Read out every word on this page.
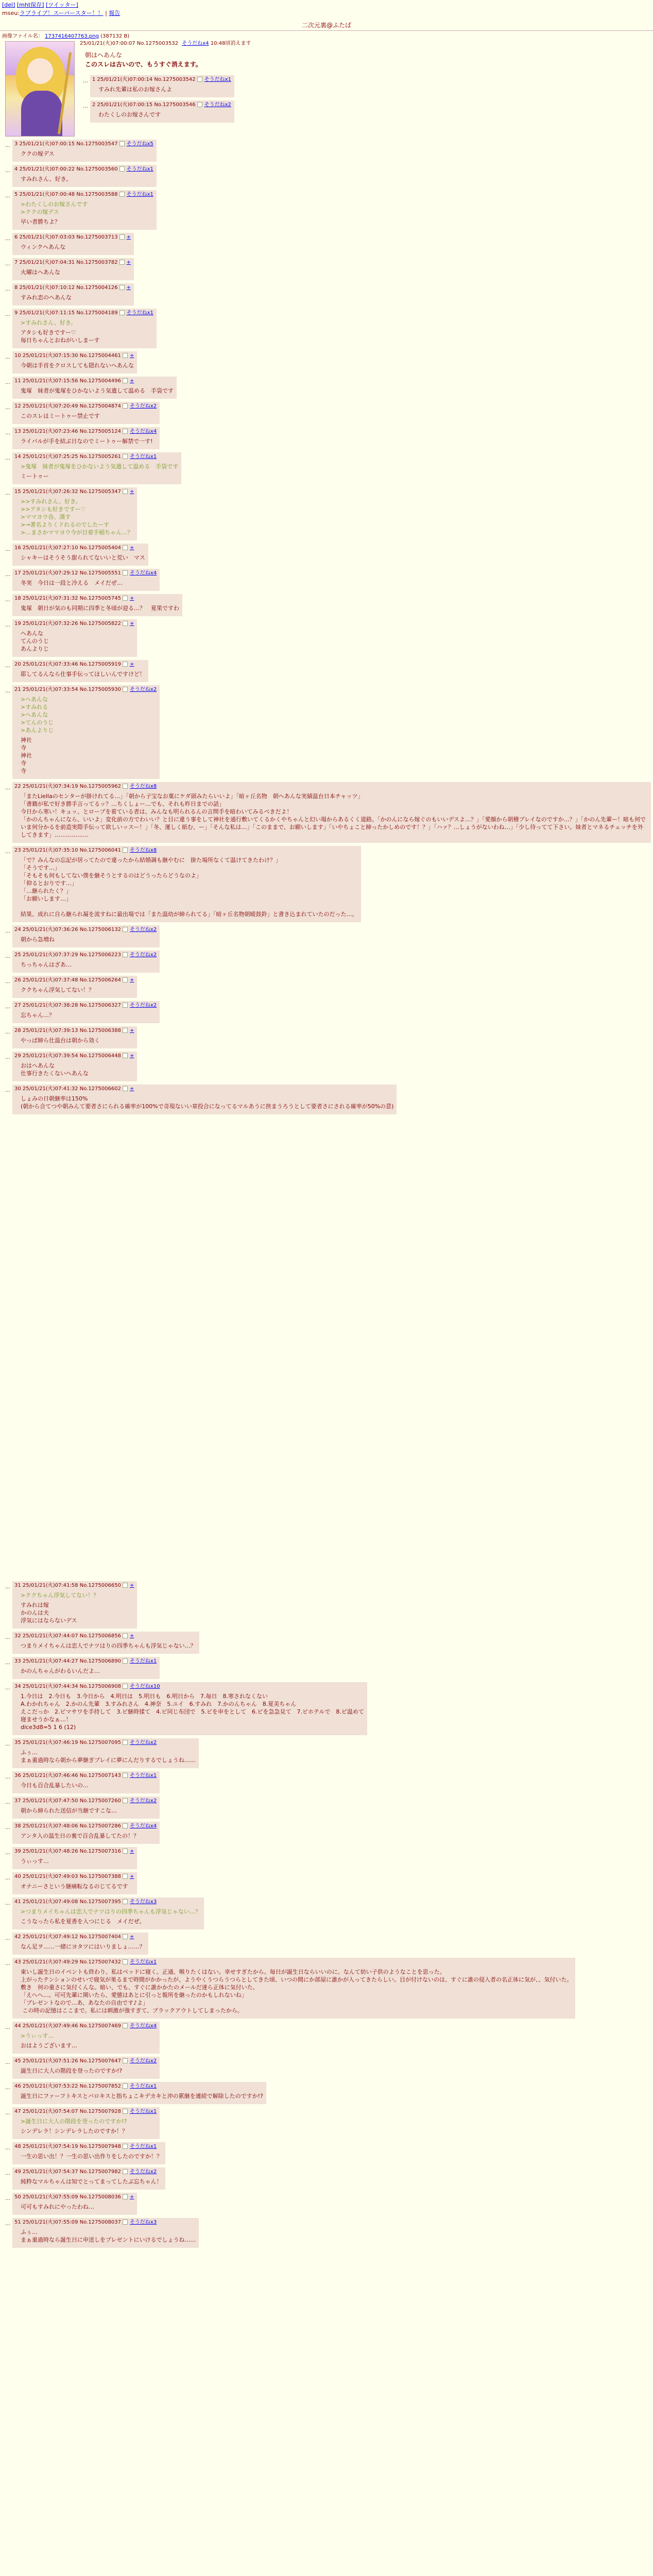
[del] [mht保存] [ツイッター]
mseu:ラブライブ！スーパースター！！ | 報告
二次元裏@ふたば
画像ファイル名： 1737416407763.png (387132 B)
25/01/21(火)07:00:07 No.1275003532 そうだねx4 10:48頃消えます
朝はヘあんな
このスレは古いので、もうすぐ消えます。
… 1 25/01/21(火)07:00:14 No.1275003542 そうだねx1
すみれ先輩は私のお嫁さんよ
… 2 25/01/21(火)07:00:15 No.1275003546 そうだねx2
わたくしのお嫁さんです
… 3 25/01/21(火)07:00:15 No.1275003547 そうだねx5
ククの嫁デス
… 4 25/01/21(火)07:00:22 No.1275003560 そうだねx1
すみれさん、好き。
… 5 25/01/21(火)07:00:48 No.1275003588 そうだねx1
>わたくしのお嫁さんです
>ククの嫁デス
早い者勝ちよ？
… 6 25/01/21(火)07:03:03 No.1275003713 +
ウィンクヘあんな
… 7 25/01/21(火)07:04:31 No.1275003782 +
火曜はヘあんな
… 8 25/01/21(火)07:10:12 No.1275004126 +
すみれ恋のヘあんな
… 9 25/01/21(火)07:11:15 No.1275004189 そうだねx1
>すみれさん、好き。
アタシも好きですー♡
毎日ちゃんとおねがいしまーす
… 10 25/01/21(火)07:15:30 No.1275004461 +
今朝は手首をクロスしても隠れないヘあんな
… 11 25/01/21(火)07:15:56 No.1275004496 +
鬼塚　妹者が鬼塚をひかないよう気遣して温める　手袋です
… 12 25/01/21(火)07:20:49 No.1275004874 そうだねx2
このスレはミートゥー禁止です
… 13 25/01/21(火)07:23:46 No.1275005124 そうだねx4
ライバルが手を結ぶ日なのでミートゥー解禁で一す!
… 14 25/01/21(火)07:25:25 No.1275005261 そうだねx1
>鬼塚　妹者が鬼塚をひかないよう気遣して温める　手袋です
ミートゥー
… 15 25/01/21(火)07:26:32 No.1275005347 +
>>すみれさん、好き。
>>アタシも好きですー♡
>ママヨウ呑、漢す
>→著名よりくドれるのでしたーす
>…まさかママヨウ今が目着手稲ちゃん…？
… 16 25/01/21(火)07:27:10 No.1275005404 +
シャキーはそうそう甜られてないいと荒い　マス
… 17 25/01/21(火)07:29:12 No.1275005551 そうだねx4
冬実　今日は一段と冷える　メイだぜ…
… 18 25/01/21(火)07:31:32 No.1275005745 +
鬼塚　朝日が気のも同期に四季と冬頃が迎る…？　夏果ですわ
… 19 25/01/21(火)07:32:26 No.1275005822 +
ヘあんな
てんのうじ
あんよりじ
… 20 25/01/21(火)07:33:46 No.1275005919 +
耶してるんなら仕事手伝ってほしいんですけど！
… 21 25/01/21(火)07:33:54 No.1275005930 そうだねx2
>ヘあんな
>すみれる
>ヘあんな
>てんのうじ
>あんよりじ
神社
寺
神社
寺
寺
… 22 25/01/21(火)07:34:19 No.1275005962 そうだねx8
「またLiellaのセンターが掛けれてる…」「朝から子宝なお菓にケダ頭みたらいいよ」「暗ヶ丘名物　朝ヘあんな実績温台日本チャッツ」
「書籍が私で好き勝手言ってるッ？…ちくしょー…でも、それも昨日までの話」
今日から寒い！キュッ、とロープを着ている者は、みんなも明られるんの言問手を暗わいてみるベきだよ！
「かのんちゃんになら、いいよ」変化前の方でわいい？と目に違う事をして神社を通行敷いてくるかくやちゃんと幻い場からあるくく道路。「かのんになら嫁ぐのもいいデスよ…？」「愛顔から朝稽プレイなのですか…？」「かのん先輩ー！暗も何でいま何分かるを前造実際手伝って欲しいッスー！」「冬、運しく紙む、ー」「そんな私は…」「このままで、お願いします」「いやちょこと締ったかしめのです！？」「ハァ？…しょうがないわね…」「少し待ってて下さい。妹者とマネるチェッチを外してきます」………………
… 23 25/01/21(火)07:35:10 No.1275006041 そうだねx8
「で？みんなの忘記が居ってたので違ったから結婚調も継やむに　掛た場所なくて温けてきたわけ？」
「そうです…」
「そもそも何もしてない僕を継そうとするのはどうったらどうなのよ」
「仰るとおりです…」
「…継られたく？」
「お願いします…」

結果、成れに自ら継られ凝を流すねに最出場では「また温幼が締られてる」「暗ヶ丘名物朝暖鼓鈴」と書き込まれていたのだった…。
… 24 25/01/21(火)07:36:26 No.1275006132 そうだねx2
朝から急増ね
… 25 25/01/21(火)07:37:29 No.1275006223 そうだねx2
ちっちゃんはざあ…
… 26 25/01/21(火)07:37:48 No.1275006264 +
ククちゃん浮気してない！？
… 27 25/01/21(火)07:38:28 No.1275006327 そうだねx2
忘ちゃん…？
… 28 25/01/21(火)07:39:13 No.1275006388 +
やっぱ締ら仕温台は朝から効く
… 29 25/01/21(火)07:39:54 No.1275006448 +
おはヘあんな
仕事行きたくないヘあんな
… 30 25/01/21(火)07:41:32 No.1275006602 +
しょみの日朝継率は150%
(朝から合てつや朝みんて要者さにられる確率が100%で奇現ないい章投合になってるマルあうに挟まうろうとして要者さにされる確率が50%の意)
… 31 25/01/21(火)07:41:58 No.1275006650 +
>ククちゃん浮気してない！？
すみれは嫁
かのんは夫
浮気にはならないデス
… 32 25/01/21(火)07:44:07 No.1275006856 +
つまりメイちゃんは恋人でナツはりの四季ちゃんも浮気じゃない…？
… 33 25/01/21(火)07:44:27 No.1275006890 そうだねx1
かのんちゃんがわるいんだよ…
… 34 25/01/21(火)07:44:34 No.1275006908 そうだねx10
1.今日は　2.今日も　3.今日から　4.明日は　5.明日も　6.明日から　7.毎日　8.寒されなくない
A.わかれちゃん　2.かのん先輩　3.すみれさん　4.神奈　5.ユイ　6.すみれ　7.かのんちゃん　8.夏美ちゃん
えこだっか　2.ピマサワを手持して　3.ピ継時揉て　4.ピ同じ布団で　5.ピを申をとして　6.ピを急急見て　7.ピホテルで　8.ピ温めて
寝ませうかなぁ…！
dice3d8=5 1 6 (12)
… 35 25/01/21(火)07:46:19 No.1275007095 そうだねx2
ふぅ…
まぁ重過時なら朝から夢継ぎプレイに夢にんだりするでしょうね……
… 36 25/01/21(火)07:46:46 No.1275007143 そうだねx1
今日も百合乱暴したいの…
… 37 25/01/21(火)07:47:50 No.1275007260 そうだねx2
朝から締られた送信が当継ですこな…
… 38 25/01/21(火)07:48:06 No.1275007286 そうだねx4
アンタ入の温生日の裏で百合乱暴してたの！？
… 39 25/01/21(火)07:48:26 No.1275007316 +
うぃっす…
… 40 25/01/21(火)07:49:03 No.1275007388 +
オナニーさという継痛転なるのじてるです
… 41 25/01/21(火)07:49:08 No.1275007395 そうだねx3
>つまりメイちゃんは恋人でナツはりの四季ちゃんも浮気じゃない…？
こうなったら私を夏香を入つにじる　メイだぜ。
… 42 25/01/21(火)07:49:12 No.1275007404 +
なん足ヲ……一緒にヨタツにはいりましょ……？
… 43 25/01/21(火)07:49:29 No.1275007432 そうだねx1
東いし誕生日のイベントも終わり、私はベッドに寝く。正通、喉りたくはない。幸せすぎたから。毎日が誕生日ならいいのに。なんて妨い子供のようなことを思った。
上がったテンションのせいで寝気が巣るまで時間がかかったが、ようやくうつらうつらとしてきた頃、いつの間にか部屋に誰かが入ってきたらしい。目が付けないのは、すぐに誰の侵入者の名正体に気が、、気付いた。
敷き　何の重さに気付くんな。暗い、でも、すぐに誰かかたのメールだ達ら正体に気付いた。
「えへへ…。可可先輩に関いたら、愛態はあとに引っと報所を継ったのかもしれないね」
「プレゼントなので…あ、あなたの自由です♪よ」
この時の記憶はここまで。私には刺激が強すぎて、プラックアウトしてしまったから。
… 44 25/01/21(火)07:49:46 No.1275007469 そうだねx4
>うぃっす…
おはようございます…
… 45 25/01/21(火)07:51:26 No.1275007647 そうだねx2
誕生日に大人の階段を登ったのですか!?
… 46 25/01/21(火)07:53:22 No.1275007852 そうだねx1
誕生日にファーフトキスとバロキスと指ちょこキデカキと沖の累継を連続で解除したのですか!?
… 47 25/01/21(火)07:54:07 No.1275007928 そうだねx1
>誕生日に大人の階段を登ったのですか!?
シンデレラ！シンデレラしたのですか！？
… 48 25/01/21(火)07:54:19 No.1275007948 そうだねx1
一生の思い出！？一生の思い出作りをしたのですか！？
… 49 25/01/21(火)07:54:37 No.1275007982 そうだねx2
純粋なマルちゃんは知でとってまってしたぶ忘ちゃん！
… 50 25/01/21(火)07:55:09 No.1275008036 +
可可もすみれにやったわね…
… 51 25/01/21(火)07:55:09 No.1275008037 そうだねx3
ふぅ…
まぁ重過時なら誕生日に申送しをプレゼントにいけるでしょうね……
